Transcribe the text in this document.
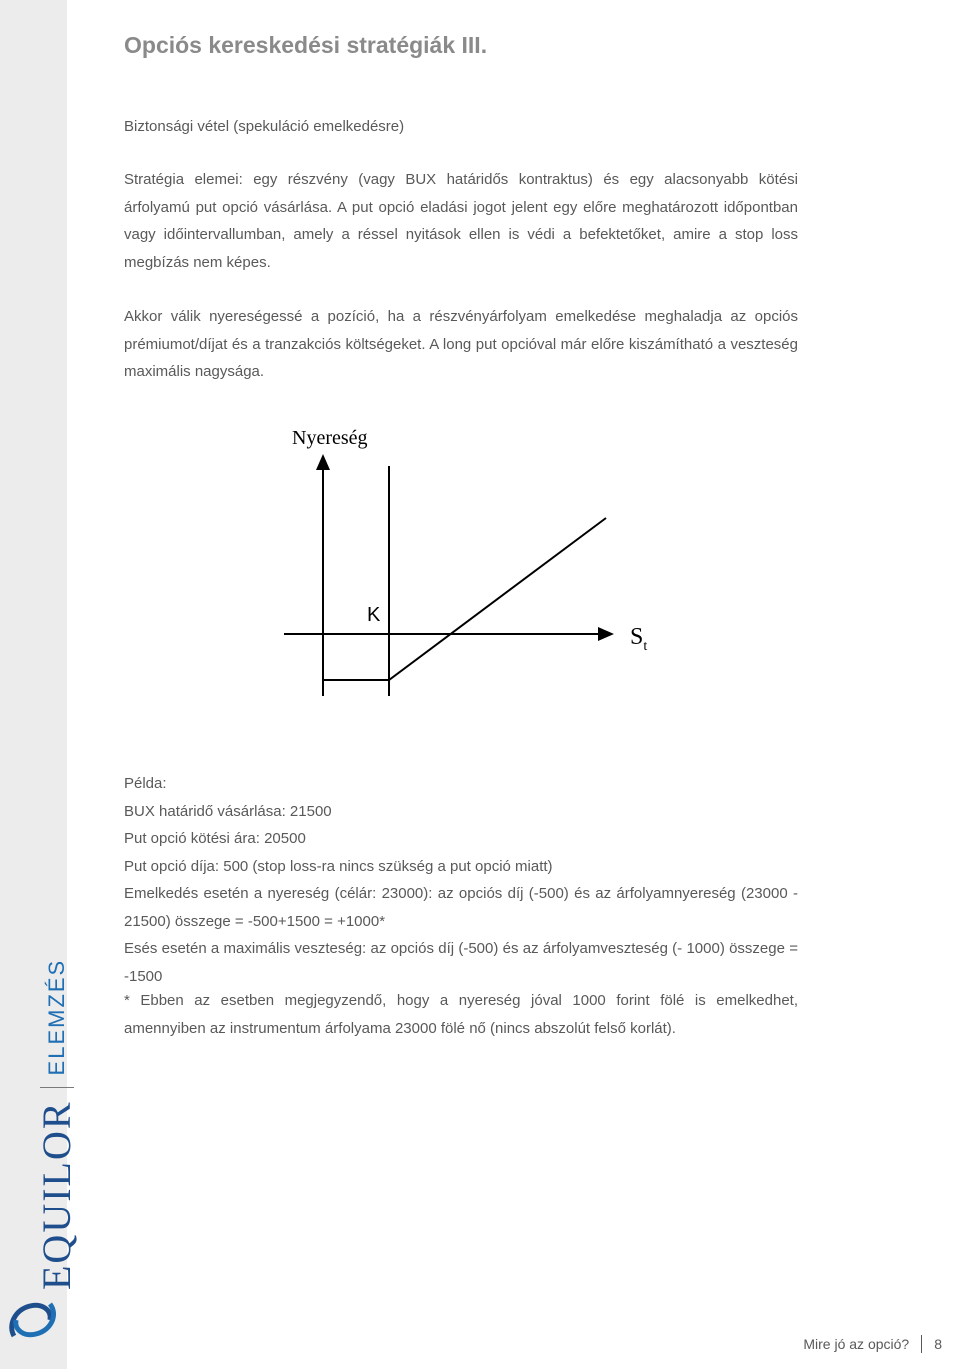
EQUILOR
ELEMZÉS
Opciós kereskedési stratégiák III.

Biztonsági vétel (spekuláció emelkedésre)

Stratégia elemei: egy részvény (vagy BUX határidős kontraktus) és egy alacsonyabb kötési árfolyamú put opció vásárlása. A put opció eladási jogot jelent egy előre meghatározott időpontban vagy időintervallumban, amely a réssel nyitások ellen is védi a befektetőket, amire a stop loss megbízás nem képes.

Akkor válik nyereségessé a pozíció, ha a részvényárfolyam emelkedése meghaladja az opciós prémiumot/díjat és a tranzakciós költségeket. A long put opcióval már előre kiszámítható a veszteség maximális nagysága.

Nyereség
$S_t$
K

Példa:

BUX határidő vásárlása: 21500

Put opció kötési ára: 20500

Put opció díja: 500 (stop loss-ra nincs szükség a put opció miatt)

Emelkedés esetén a nyereség (célár: 23000): az opciós díj (-500) és az árfolyamnyereség (23000 - 21500) összege = -500+1500 = +1000*

Esés esetén a maximális veszteség: az opciós díj (-500) és az árfolyamveszteség (- 1000) összege = -1500

* Ebben az esetben megjegyzendő, hogy a nyereség jóval 1000 forint fölé is emelkedhet, amennyiben az instrumentum árfolyama 23000 fölé nő (nincs abszolút felső korlát).

Mire jó az opció? 8
